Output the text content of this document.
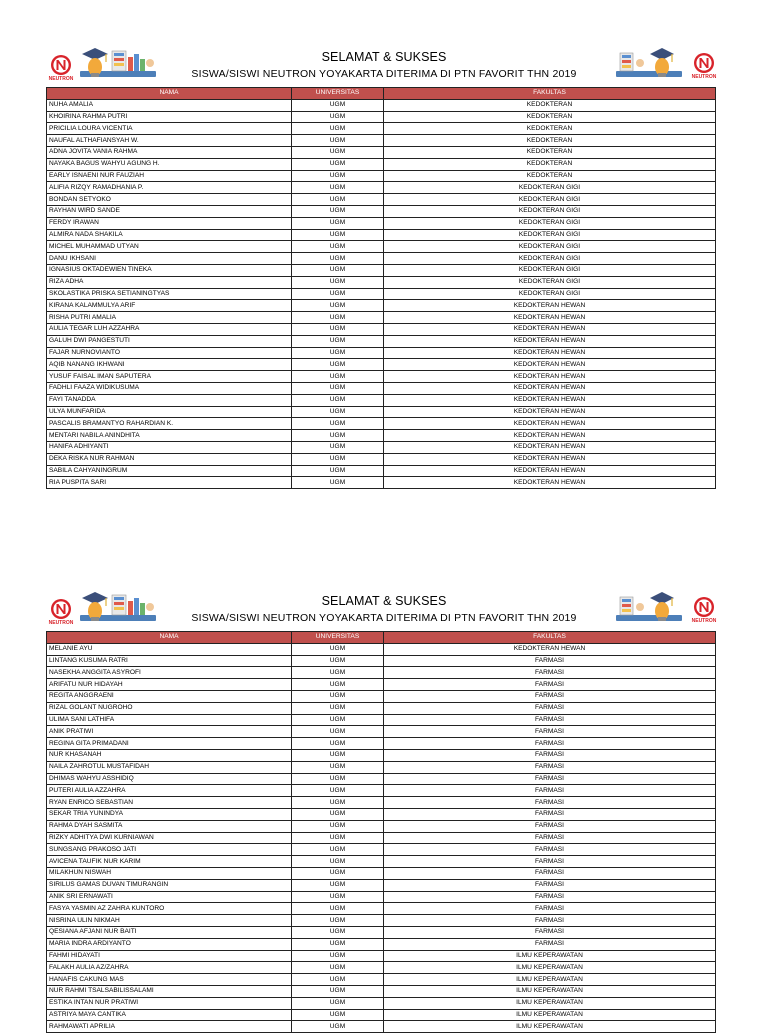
NEUTRON
SELAMAT & SUKSES
SISWA/SISWI NEUTRON YOYAKARTA DITERIMA DI PTN FAVORIT THN 2019	NEUTRON
NAMA	UNIVERSITAS	FAKULTAS
NUHA AMALIA	UGM	KEDOKTERAN
KHOIRINA RAHMA PUTRI	UGM	KEDOKTERAN
PRICILIA LOURA VICENTIA	UGM	KEDOKTERAN
NAUFAL ALTHAFIANSYAH W.	UGM	KEDOKTERAN
ADNA JOVITA VANIA RAHMA	UGM	KEDOKTERAN
NAYAKA BAGUS WAHYU AGUNG H.	UGM	KEDOKTERAN
EARLY ISNAENI NUR FAUZIAH	UGM	KEDOKTERAN
ALIFIA RIZQY RAMADHANIA P.	UGM	KEDOKTERAN GIGI
BONDAN SETYOKO	UGM	KEDOKTERAN GIGI
RAYHAN WIRD SANDE	UGM	KEDOKTERAN GIGI
FERDY IRAWAN	UGM	KEDOKTERAN GIGI
ALMIRA NADA SHAKILA	UGM	KEDOKTERAN GIGI
MICHEL MUHAMMAD UTYAN	UGM	KEDOKTERAN GIGI
DANU IKHSANI	UGM	KEDOKTERAN GIGI
IGNASIUS OKTADEWIEN TINEKA	UGM	KEDOKTERAN GIGI
RIZA ADHA	UGM	KEDOKTERAN GIGI
SKOLASTIKA PRISKA SETIANINGTYAS	UGM	KEDOKTERAN GIGI
KIRANA KALAMMULYA ARIF	UGM	KEDOKTERAN HEWAN
RISHA PUTRI AMALIA	UGM	KEDOKTERAN HEWAN
AULIA TEGAR LUH AZZAHRA	UGM	KEDOKTERAN HEWAN
GALUH DWI PANGESTUTI	UGM	KEDOKTERAN HEWAN
FAJAR NURNOVIANTO	UGM	KEDOKTERAN HEWAN
AQIB NANANG IKHWANI	UGM	KEDOKTERAN HEWAN
YUSUF FAISAL IMAN SAPUTERA	UGM	KEDOKTERAN HEWAN
FADHLI FAAZA WIDIKUSUMA	UGM	KEDOKTERAN HEWAN
FAYI TANADDA	UGM	KEDOKTERAN HEWAN
ULYA MUNFARIDA	UGM	KEDOKTERAN HEWAN
PASCALIS BRAMANTYO RAHARDIAN K.	UGM	KEDOKTERAN HEWAN
MENTARI NABILA ANINDHITA	UGM	KEDOKTERAN HEWAN
HANIFA ADHIYANTI	UGM	KEDOKTERAN HEWAN
DEKA RISKA NUR RAHMAN	UGM	KEDOKTERAN HEWAN
SABILA CAHYANINGRUM	UGM	KEDOKTERAN HEWAN
RIA PUSPITA SARI	UGM	KEDOKTERAN HEWAN
NEUTRON
SELAMAT & SUKSES
SISWA/SISWI NEUTRON YOYAKARTA DITERIMA DI PTN FAVORIT THN 2019	NEUTRON
NAMA	UNIVERSITAS	FAKULTAS
MELANIE AYU	UGM	KEDOKTERAN HEWAN
LINTANG KUSUMA RATRI	UGM	FARMASI
NASEKHA ANGGITA ASYROFI	UGM	FARMASI
ARIFATU NUR HIDAYAH	UGM	FARMASI
REGITA ANGGRAENI	UGM	FARMASI
RIZAL GOLANT NUGROHO	UGM	FARMASI
ULIMA SANI LATHIFA	UGM	FARMASI
ANIK PRATIWI	UGM	FARMASI
REGINA GITA PRIMADANI	UGM	FARMASI
NUR KHASANAH	UGM	FARMASI
NAILA ZAHROTUL MUSTAFIDAH	UGM	FARMASI
DHIMAS WAHYU ASSHIDIQ	UGM	FARMASI
PUTERI AULIA AZZAHRA	UGM	FARMASI
RYAN ENRICO SEBASTIAN	UGM	FARMASI
SEKAR TRIA YUNINDYA	UGM	FARMASI
RAHMA DYAH SASMITA	UGM	FARMASI
RIZKY ADHITYA DWI KURNIAWAN	UGM	FARMASI
SUNGSANG PRAKOSO JATI	UGM	FARMASI
AVICENA TAUFIK NUR KARIM	UGM	FARMASI
MILAKHUN NISWAH	UGM	FARMASI
SIRILUS GAMAS DUVAN TIMURANGIN	UGM	FARMASI
ANIK SRI ERNAWATI	UGM	FARMASI
FASYA YASMIN AZ ZAHRA KUNTORO	UGM	FARMASI
NISRINA ULIN NIKMAH	UGM	FARMASI
QESIANA AFJANI NUR BAITI	UGM	FARMASI
MARIA INDRA ARDIYANTO	UGM	FARMASI
FAHMI HIDAYATI	UGM	ILMU KEPERAWATAN
FALAKH AULIA AZ/ZAHRA	UGM	ILMU KEPERAWATAN
HANAFIS CAKUNG MAS	UGM	ILMU KEPERAWATAN
NUR RAHMI TSALSABILISSALAMI	UGM	ILMU KEPERAWATAN
ESTIKA INTAN NUR PRATIWI	UGM	ILMU KEPERAWATAN
ASTRIYA MAYA CANTIKA	UGM	ILMU KEPERAWATAN
RAHMAWATI APRILIA	UGM	ILMU KEPERAWATAN
